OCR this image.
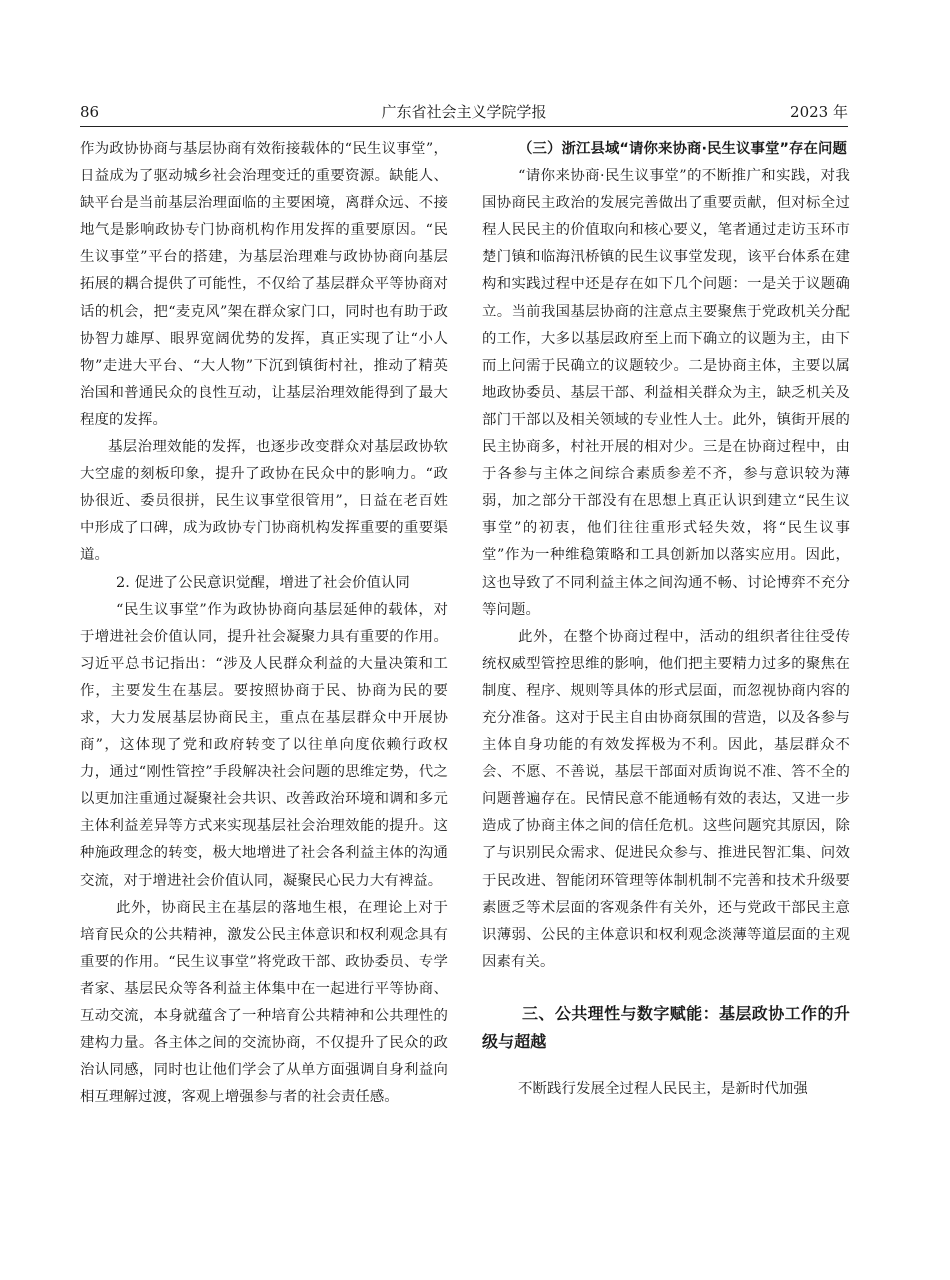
86	广东省社会主义学院学报	2023 年

作为政协协商与基层协商有效衔接载体的“民生议事堂”，日益成为了驱动城乡社会治理变迁的重要资源。缺能人、缺平台是当前基层治理面临的主要困境，离群众远、不接地气是影响政协专门协商机构作用发挥的重要原因。“民生议事堂”平台的搭建，为基层治理难与政协协商向基层拓展的耦合提供了可能性，不仅给了基层群众平等协商对话的机会，把“麦克风”架在群众家门口，同时也有助于政协智力雄厚、眼界宽阔优势的发挥，真正实现了让“小人物”走进大平台、“大人物”下沉到镇街村社，推动了精英治国和普通民众的良性互动，让基层治理效能得到了最大程度的发挥。

基层治理效能的发挥，也逐步改变群众对基层政协软大空虚的刻板印象，提升了政协在民众中的影响力。“政协很近、委员很拼，民生议事堂很管用”，日益在老百姓中形成了口碑，成为政协专门协商机构发挥重要的重要渠道。

2. 促进了公民意识觉醒，增进了社会价值认同

“民生议事堂”作为政协协商向基层延伸的载体，对于增进社会价值认同，提升社会凝聚力具有重要的作用。习近平总书记指出：“涉及人民群众利益的大量决策和工作，主要发生在基层。要按照协商于民、协商为民的要求，大力发展基层协商民主，重点在基层群众中开展协商”，这体现了党和政府转变了以往单向度依赖行政权力，通过“刚性管控”手段解决社会问题的思维定势，代之以更加注重通过凝聚社会共识、改善政治环境和调和多元主体利益差异等方式来实现基层社会治理效能的提升。这种施政理念的转变，极大地增进了社会各利益主体的沟通交流，对于增进社会价值认同，凝聚民心民力大有裨益。

此外，协商民主在基层的落地生根，在理论上对于培育民众的公共精神，激发公民主体意识和权利观念具有重要的作用。“民生议事堂”将党政干部、政协委员、专学者家、基层民众等各利益主体集中在一起进行平等协商、互动交流，本身就蕴含了一种培育公共精神和公共理性的建构力量。各主体之间的交流协商，不仅提升了民众的政治认同感，同时也让他们学会了从单方面强调自身利益向相互理解过渡，客观上增强参与者的社会责任感。

（三）浙江县域“请你来协商·民生议事堂”存在问题

“请你来协商·民生议事堂”的不断推广和实践，对我国协商民主政治的发展完善做出了重要贡献，但对标全过程人民民主的价值取向和核心要义，笔者通过走访玉环市楚门镇和临海汛桥镇的民生议事堂发现，该平台体系在建构和实践过程中还是存在如下几个问题：一是关于议题确立。当前我国基层协商的注意点主要聚焦于党政机关分配的工作，大多以基层政府至上而下确立的议题为主，由下而上问需于民确立的议题较少。二是协商主体，主要以属地政协委员、基层干部、利益相关群众为主，缺乏机关及部门干部以及相关领域的专业性人士。此外，镇街开展的民主协商多，村社开展的相对少。三是在协商过程中，由于各参与主体之间综合素质参差不齐，参与意识较为薄弱，加之部分干部没有在思想上真正认识到建立“民生议事堂”的初衷，他们往往重形式轻失效，将“民生议事堂”作为一种维稳策略和工具创新加以落实应用。因此，这也导致了不同利益主体之间沟通不畅、讨论博弈不充分等问题。

此外，在整个协商过程中，活动的组织者往往受传统权威型管控思维的影响，他们把主要精力过多的聚焦在制度、程序、规则等具体的形式层面，而忽视协商内容的充分准备。这对于民主自由协商氛围的营造，以及各参与主体自身功能的有效发挥极为不利。因此，基层群众不会、不愿、不善说，基层干部面对质询说不准、答不全的问题普遍存在。民情民意不能通畅有效的表达，又进一步造成了协商主体之间的信任危机。这些问题究其原因，除了与识别民众需求、促进民众参与、推进民智汇集、问效于民改进、智能闭环管理等体制机制不完善和技术升级要素匮乏等术层面的客观条件有关外，还与党政干部民主意识薄弱、公民的主体意识和权利观念淡薄等道层面的主观因素有关。

三、公共理性与数字赋能：基层政协工作的升级与超越

不断践行发展全过程人民民主，是新时代加强
